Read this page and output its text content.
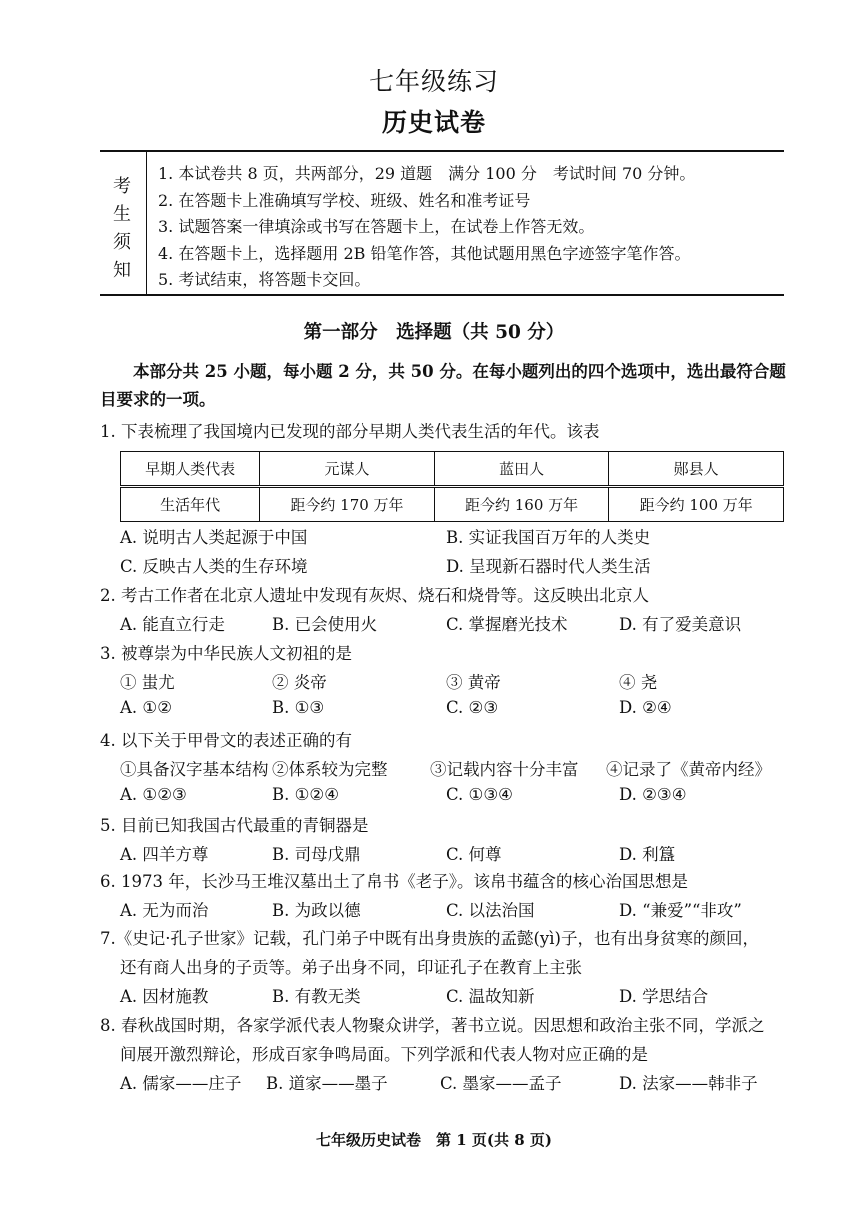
七年级练习
历史试卷
考
生
须
知
1. 本试卷共 8 页，共两部分，29 道题　满分 100 分　考试时间 70 分钟。
2. 在答题卡上准确填写学校、班级、姓名和准考证号
3. 试题答案一律填涂或书写在答题卡上，在试卷上作答无效。
4. 在答题卡上，选择题用 2B 铅笔作答，其他试题用黑色字迹签字笔作答。
5. 考试结束，将答题卡交回。
第一部分　选择题（共 50 分）
本部分共 25 小题，每小题 2 分，共 50 分。在每小题列出的四个选项中，选出最符合题目要求的一项。
1. 下表梳理了我国境内已发现的部分早期人类代表生活的年代。该表
早期人类代表	元谋人	蓝田人	郧县人
生活年代	距今约 170 万年	距今约 160 万年	距今约 100 万年
A. 说明古人类起源于中国	B. 实证我国百万年的人类史
C. 反映古人类的生存环境	D. 呈现新石器时代人类生活
2. 考古工作者在北京人遗址中发现有灰烬、烧石和烧骨等。这反映出北京人
A. 能直立行走	B. 已会使用火	C. 掌握磨光技术	D. 有了爱美意识
3. 被尊崇为中华民族人文初祖的是
① 蚩尤	② 炎帝	③ 黄帝	④ 尧
A. ①②	B. ①③	C. ②③	D. ②④
4. 以下关于甲骨文的表述正确的有
①具备汉字基本结构 ②体系较为完整	③记载内容十分丰富 ④记录了《黄帝内经》
A. ①②③	B. ①②④	C. ①③④	D. ②③④
5. 目前已知我国古代最重的青铜器是
A. 四羊方尊	B. 司母戊鼎	C. 何尊	D. 利簋
6. 1973 年，长沙马王堆汉墓出土了帛书《老子》。该帛书蕴含的核心治国思想是
A. 无为而治	B. 为政以德	C. 以法治国	D. “兼爱”“非攻”
7.《史记·孔子世家》记载，孔门弟子中既有出身贵族的孟懿(yì)子，也有出身贫寒的颜回，
还有商人出身的子贡等。弟子出身不同，印证孔子在教育上主张
A. 因材施教	B. 有教无类	C. 温故知新	D. 学思结合
8. 春秋战国时期，各家学派代表人物聚众讲学，著书立说。因思想和政治主张不同，学派之
间展开激烈辩论，形成百家争鸣局面。下列学派和代表人物对应正确的是
A. 儒家——庄子 B. 道家——墨子	C. 墨家——孟子	D. 法家——韩非子
七年级历史试卷　第 1 页(共 8 页)
